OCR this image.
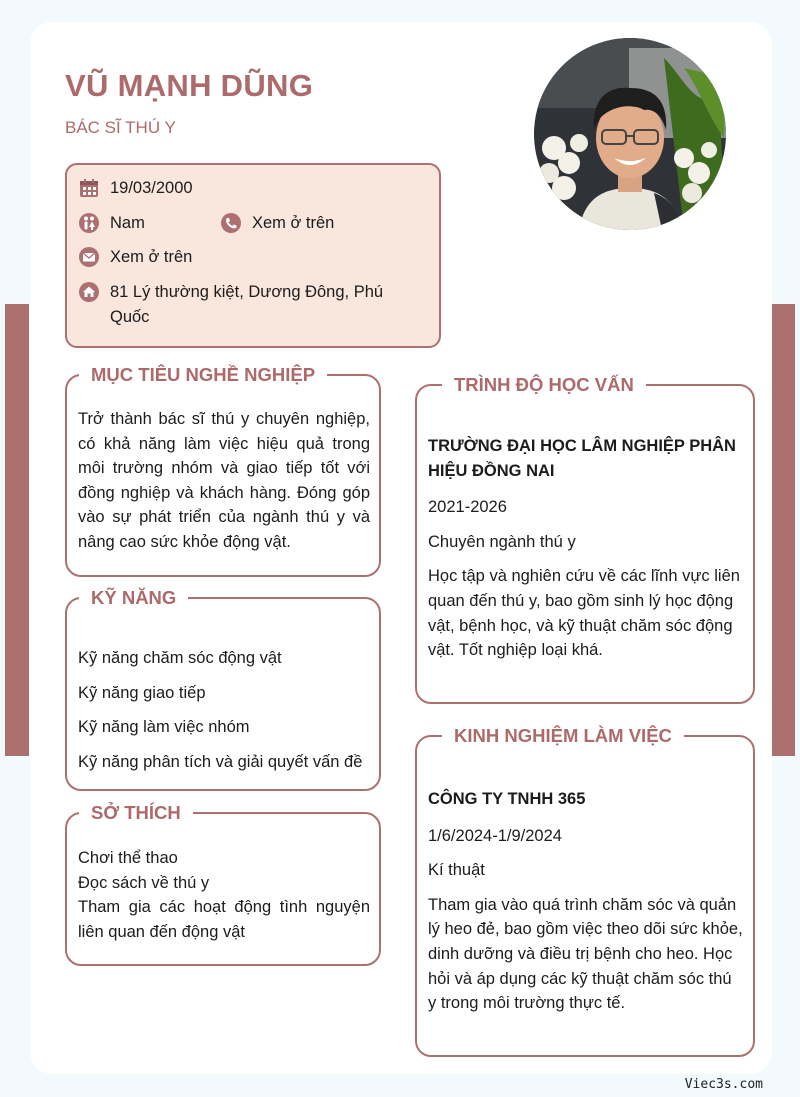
VŨ MẠNH DŨNG
BÁC SĨ THÚ Y
19/03/2000
Nam	Xem ở trên
Xem ở trên
81 Lý thường kiệt, Dương Đông, Phú Quốc
MỤC TIÊU NGHỀ NGHIỆP

Trở thành bác sĩ thú y chuyên nghiệp, có khả năng làm việc hiệu quả trong môi trường nhóm và giao tiếp tốt với đồng nghiệp và khách hàng. Đóng góp vào sự phát triển của ngành thú y và nâng cao sức khỏe động vật.

KỸ NĂNG

Kỹ năng chăm sóc động vật

Kỹ năng giao tiếp

Kỹ năng làm việc nhóm

Kỹ năng phân tích và giải quyết vấn đề

SỞ THÍCH

Chơi thể thao

Đọc sách về thú y

Tham gia các hoạt động tình nguyện liên quan đến động vật

TRÌNH ĐỘ HỌC VẤN

TRƯỜNG ĐẠI HỌC LÂM NGHIỆP PHÂN HIỆU ĐỒNG NAI

2021-2026

Chuyên ngành thú y

Học tập và nghiên cứu về các lĩnh vực liên quan đến thú y, bao gồm sinh lý học động vật, bệnh học, và kỹ thuật chăm sóc động vật. Tốt nghiệp loại khá.

KINH NGHIỆM LÀM VIỆC

CÔNG TY TNHH 365

1/6/2024-1/9/2024

Kí thuật

Tham gia vào quá trình chăm sóc và quản lý heo đẻ, bao gồm việc theo dõi sức khỏe, dinh dưỡng và điều trị bệnh cho heo. Học hỏi và áp dụng các kỹ thuật chăm sóc thú y trong môi trường thực tế.

Viec3s.com
